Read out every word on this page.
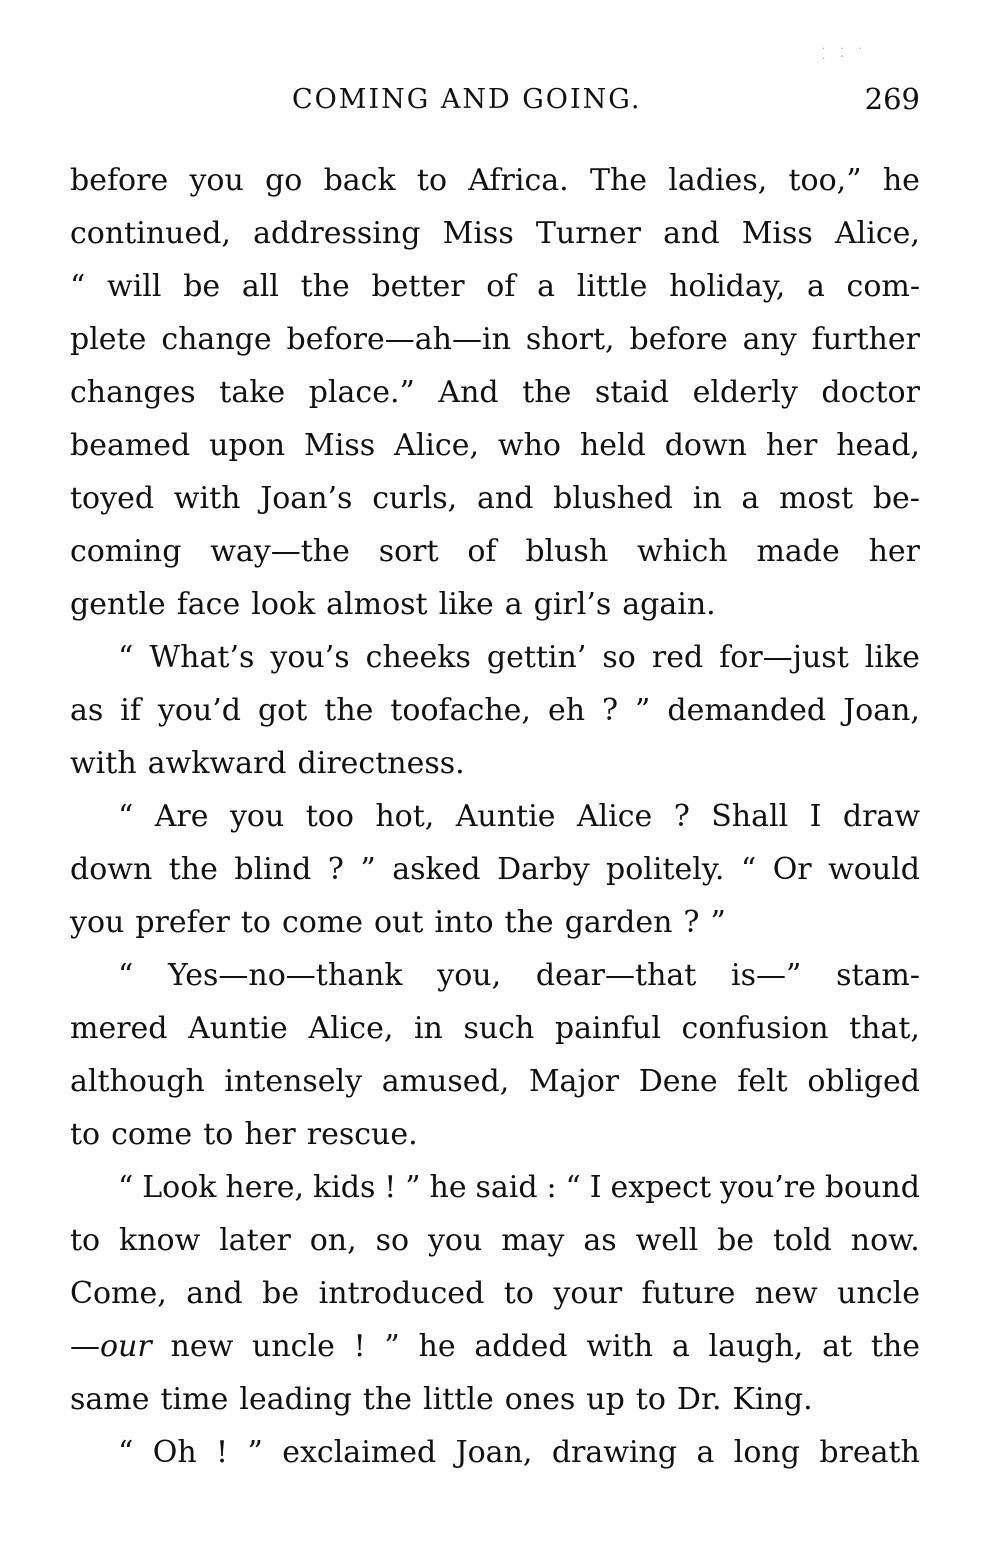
. . . . -
COMING AND GOING.	269
before you go back to Africa. The ladies, too,” he
continued, addressing Miss Turner and Miss Alice,
“ will be all the better of a little holiday, a com-
plete change before—ah—in short, before any further
changes take place.” And the staid elderly doctor
beamed upon Miss Alice, who held down her head,
toyed with Joan’s curls, and blushed in a most be-
coming way—the sort of blush which made her
gentle face look almost like a girl’s again.
“ What’s you’s cheeks gettin’ so red for—just like
as if you’d got the toofache, eh ? ” demanded Joan,
with awkward directness.
“ Are you too hot, Auntie Alice ? Shall I draw
down the blind ? ” asked Darby politely. “ Or would
you prefer to come out into the garden ? ”
“ Yes—no—thank you, dear—that is—” stam-
mered Auntie Alice, in such painful confusion that,
although intensely amused, Major Dene felt obliged
to come to her rescue.
“ Look here, kids ! ” he said : “ I expect you’re bound
to know later on, so you may as well be told now.
Come, and be introduced to your future new uncle
—our new uncle ! ” he added with a laugh, at the
same time leading the little ones up to Dr. King.
“ Oh ! ” exclaimed Joan, drawing a long breath
